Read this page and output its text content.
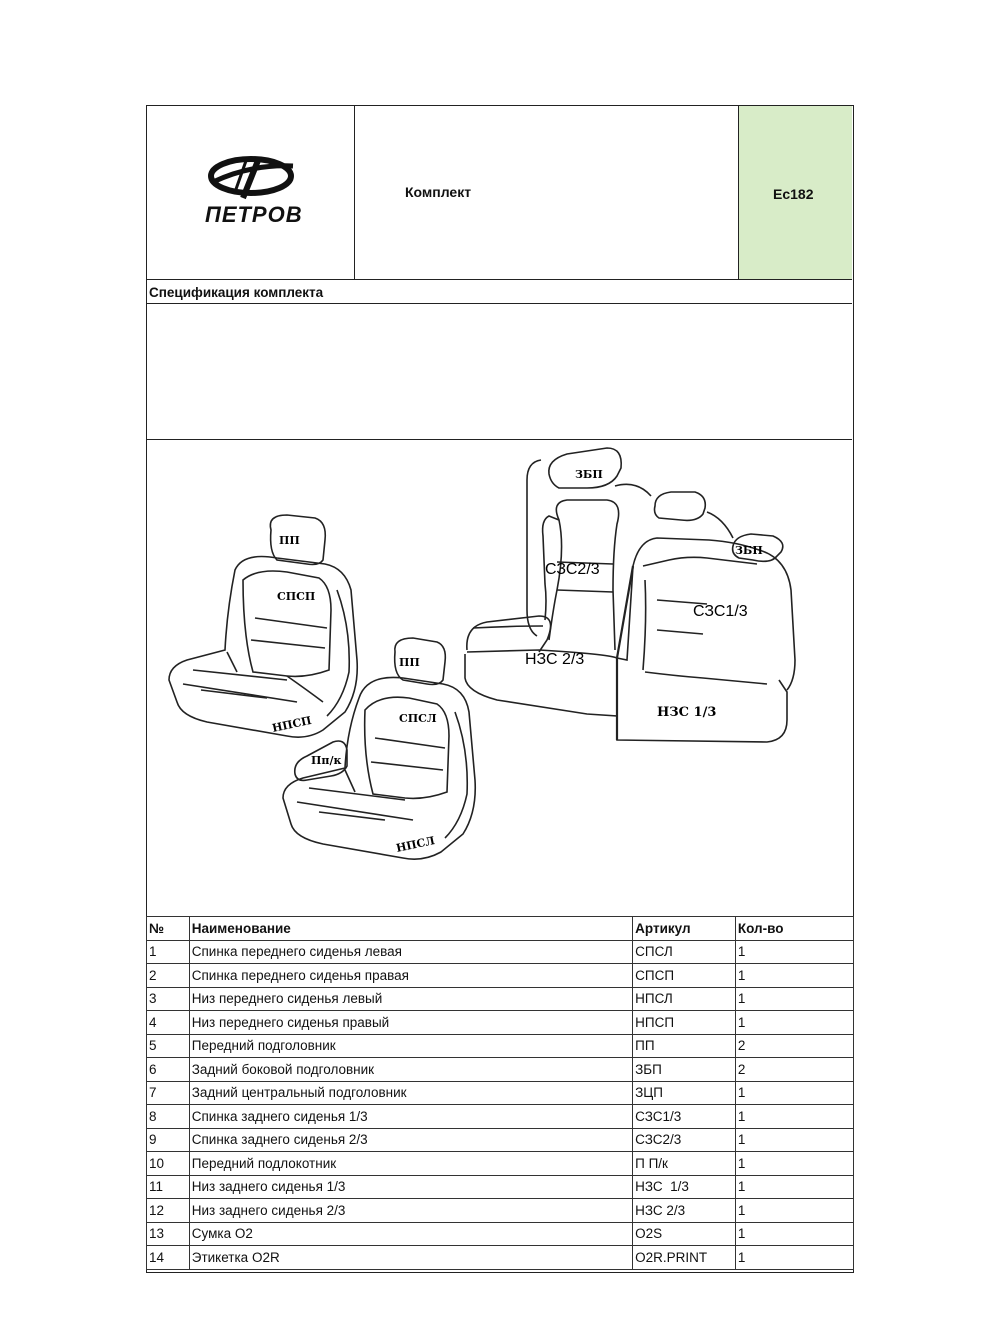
ПЕТРОВ
Комплект	Ec182
Спецификация комплекта
ПП
СПСП
НПСП
ПП
СПСЛ
НПСЛ
Пп/к
ЗБП
ЗБП
СЗС2/3
СЗС1/3
НЗС 2/3
НЗС 1/3
№	Наименование	Артикул	Кол-во
1	Спинка переднего сиденья левая	СПСЛ	1
2	Спинка переднего сиденья правая	СПСП	1
3	Низ переднего сиденья левый	НПСЛ	1
4	Низ переднего сиденья правый	НПСП	1
5	Передний подголовник	ПП	2
6	Задний боковой подголовник	ЗБП	2
7	Задний центральный подголовник	ЗЦП	1
8	Спинка заднего сиденья 1/3	СЗС1/3	1
9	Спинка заднего сиденья 2/3	СЗС2/3	1
10	Передний подлокотник	П П/к	1
11	Низ заднего сиденья 1/3	НЗС  1/3	1
12	Низ заднего сиденья 2/3	НЗС 2/3	1
13	Сумка O2	O2S	1
14	Этикетка O2R	O2R.PRINT	1
